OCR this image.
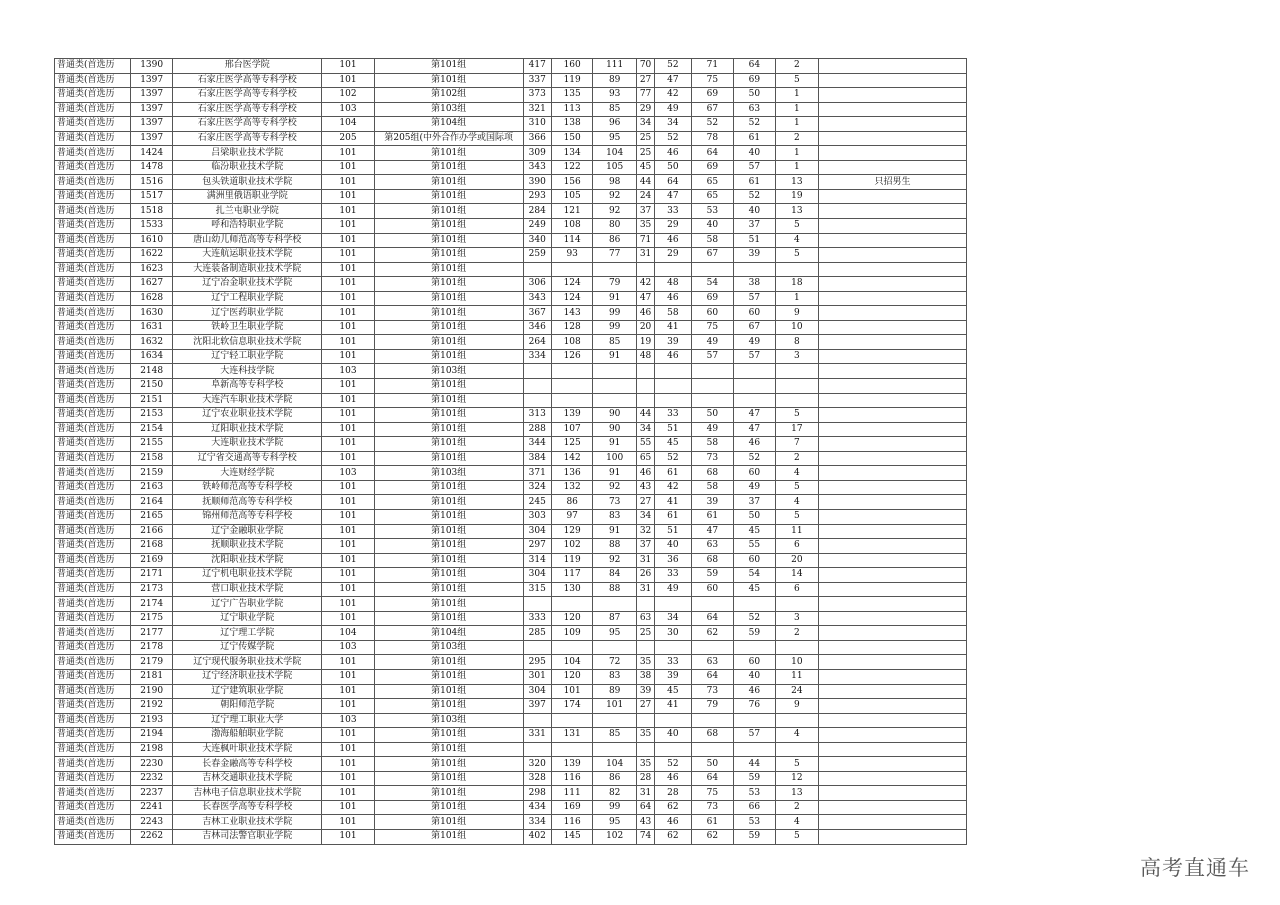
普通类(首选历	1390	邢台医学院	101	第101组	417	160	111	70	52	71	64	2	
普通类(首选历	1397	石家庄医学高等专科学校	101	第101组	337	119	89	27	47	75	69	5	
普通类(首选历	1397	石家庄医学高等专科学校	102	第102组	373	135	93	77	42	69	50	1	
普通类(首选历	1397	石家庄医学高等专科学校	103	第103组	321	113	85	29	49	67	63	1	
普通类(首选历	1397	石家庄医学高等专科学校	104	第104组	310	138	96	34	34	52	52	1	
普通类(首选历	1397	石家庄医学高等专科学校	205	第205组(中外合作办学或国际项	366	150	95	25	52	78	61	2	
普通类(首选历	1424	吕梁职业技术学院	101	第101组	309	134	104	25	46	64	40	1	
普通类(首选历	1478	临汾职业技术学院	101	第101组	343	122	105	45	50	69	57	1	
普通类(首选历	1516	包头铁道职业技术学院	101	第101组	390	156	98	44	64	65	61	13	只招男生
普通类(首选历	1517	满洲里俄语职业学院	101	第101组	293	105	92	24	47	65	52	19	
普通类(首选历	1518	扎兰屯职业学院	101	第101组	284	121	92	37	33	53	40	13	
普通类(首选历	1533	呼和浩特职业学院	101	第101组	249	108	80	35	29	40	37	5	
普通类(首选历	1610	唐山幼儿师范高等专科学校	101	第101组	340	114	86	71	46	58	51	4	
普通类(首选历	1622	大连航运职业技术学院	101	第101组	259	93	77	31	29	67	39	5	
普通类(首选历	1623	大连装备制造职业技术学院	101	第101组									
普通类(首选历	1627	辽宁冶金职业技术学院	101	第101组	306	124	79	42	48	54	38	18	
普通类(首选历	1628	辽宁工程职业学院	101	第101组	343	124	91	47	46	69	57	1	
普通类(首选历	1630	辽宁医药职业学院	101	第101组	367	143	99	46	58	60	60	9	
普通类(首选历	1631	铁岭卫生职业学院	101	第101组	346	128	99	20	41	75	67	10	
普通类(首选历	1632	沈阳北软信息职业技术学院	101	第101组	264	108	85	19	39	49	49	8	
普通类(首选历	1634	辽宁轻工职业学院	101	第101组	334	126	91	48	46	57	57	3	
普通类(首选历	2148	大连科技学院	103	第103组									
普通类(首选历	2150	阜新高等专科学校	101	第101组									
普通类(首选历	2151	大连汽车职业技术学院	101	第101组									
普通类(首选历	2153	辽宁农业职业技术学院	101	第101组	313	139	90	44	33	50	47	5	
普通类(首选历	2154	辽阳职业技术学院	101	第101组	288	107	90	34	51	49	47	17	
普通类(首选历	2155	大连职业技术学院	101	第101组	344	125	91	55	45	58	46	7	
普通类(首选历	2158	辽宁省交通高等专科学校	101	第101组	384	142	100	65	52	73	52	2	
普通类(首选历	2159	大连财经学院	103	第103组	371	136	91	46	61	68	60	4	
普通类(首选历	2163	铁岭师范高等专科学校	101	第101组	324	132	92	43	42	58	49	5	
普通类(首选历	2164	抚顺师范高等专科学校	101	第101组	245	86	73	27	41	39	37	4	
普通类(首选历	2165	锦州师范高等专科学校	101	第101组	303	97	83	34	61	61	50	5	
普通类(首选历	2166	辽宁金融职业学院	101	第101组	304	129	91	32	51	47	45	11	
普通类(首选历	2168	抚顺职业技术学院	101	第101组	297	102	88	37	40	63	55	6	
普通类(首选历	2169	沈阳职业技术学院	101	第101组	314	119	92	31	36	68	60	20	
普通类(首选历	2171	辽宁机电职业技术学院	101	第101组	304	117	84	26	33	59	54	14	
普通类(首选历	2173	营口职业技术学院	101	第101组	315	130	88	31	49	60	45	6	
普通类(首选历	2174	辽宁广告职业学院	101	第101组									
普通类(首选历	2175	辽宁职业学院	101	第101组	333	120	87	63	34	64	52	3	
普通类(首选历	2177	辽宁理工学院	104	第104组	285	109	95	25	30	62	59	2	
普通类(首选历	2178	辽宁传媒学院	103	第103组									
普通类(首选历	2179	辽宁现代服务职业技术学院	101	第101组	295	104	72	35	33	63	60	10	
普通类(首选历	2181	辽宁经济职业技术学院	101	第101组	301	120	83	38	39	64	40	11	
普通类(首选历	2190	辽宁建筑职业学院	101	第101组	304	101	89	39	45	73	46	24	
普通类(首选历	2192	朝阳师范学院	101	第101组	397	174	101	27	41	79	76	9	
普通类(首选历	2193	辽宁理工职业大学	103	第103组									
普通类(首选历	2194	渤海船舶职业学院	101	第101组	331	131	85	35	40	68	57	4	
普通类(首选历	2198	大连枫叶职业技术学院	101	第101组									
普通类(首选历	2230	长春金融高等专科学校	101	第101组	320	139	104	35	52	50	44	5	
普通类(首选历	2232	吉林交通职业技术学院	101	第101组	328	116	86	28	46	64	59	12	
普通类(首选历	2237	吉林电子信息职业技术学院	101	第101组	298	111	82	31	28	75	53	13	
普通类(首选历	2241	长春医学高等专科学校	101	第101组	434	169	99	64	62	73	66	2	
普通类(首选历	2243	吉林工业职业技术学院	101	第101组	334	116	95	43	46	61	53	4	
普通类(首选历	2262	吉林司法警官职业学院	101	第101组	402	145	102	74	62	62	59	5	
高考直通车
